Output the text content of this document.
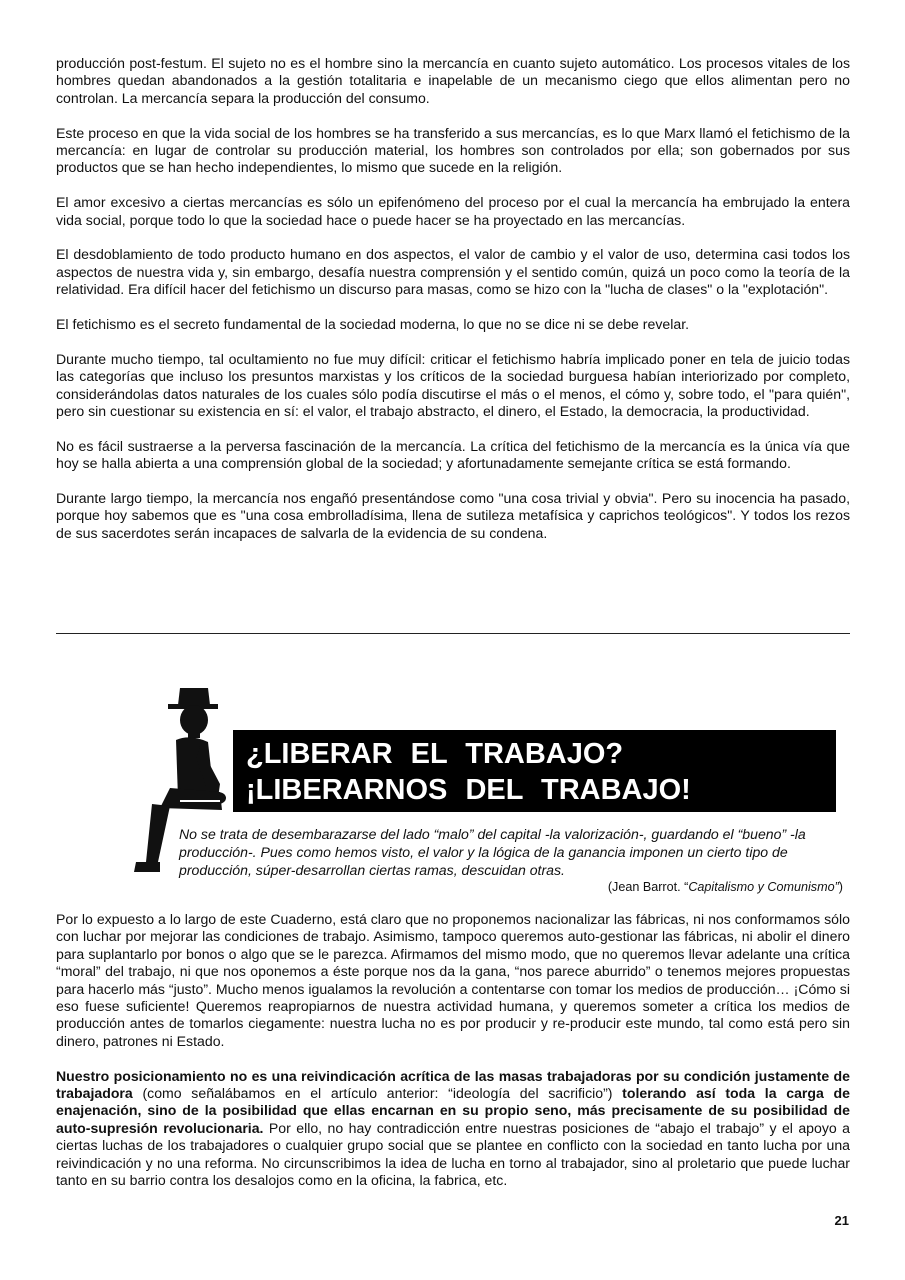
producción post-festum. El sujeto no es el hombre sino la mercancía en cuanto sujeto automático. Los procesos vitales de los hombres quedan abandonados a la gestión totalitaria e inapelable de un mecanismo ciego que ellos alimentan pero no controlan. La mercancía separa la producción del consumo.

Este proceso en que la vida social de los hombres se ha transferido a sus mercancías, es lo que Marx llamó el fetichismo de la mercancía: en lugar de controlar su producción material, los hombres son controlados por ella; son gobernados por sus productos que se han hecho independientes, lo mismo que sucede en la religión.

El amor excesivo a ciertas mercancías es sólo un epifenómeno del proceso por el cual la mercancía ha embrujado la entera vida social, porque todo lo que la sociedad hace o puede hacer se ha proyectado en las mercancías.

El desdoblamiento de todo producto humano en dos aspectos, el valor de cambio y el valor de uso, determina casi todos los aspectos de nuestra vida y, sin embargo, desafía nuestra comprensión y el sentido común, quizá un poco como la teoría de la relatividad. Era difícil hacer del fetichismo un discurso para masas, como se hizo con la "lucha de clases" o la "explotación".

El fetichismo es el secreto fundamental de la sociedad moderna, lo que no se dice ni se debe revelar.

Durante mucho tiempo, tal ocultamiento no fue muy difícil: criticar el fetichismo habría implicado poner en tela de juicio todas las categorías que incluso los presuntos marxistas y los críticos de la sociedad burguesa habían interiorizado por completo, considerándolas datos naturales de los cuales sólo podía discutirse el más o el menos, el cómo y, sobre todo, el "para quién", pero sin cuestionar su existencia en sí: el valor, el trabajo abstracto, el dinero, el Estado, la democracia, la productividad.

No es fácil sustraerse a la perversa fascinación de la mercancía. La crítica del fetichismo de la mercancía es la única vía que hoy se halla abierta a una comprensión global de la sociedad; y afortunadamente semejante crítica se está formando.

Durante largo tiempo, la mercancía nos engañó presentándose como "una cosa trivial y obvia". Pero su inocencia ha pasado, porque hoy sabemos que es "una cosa embrolladísima, llena de sutileza metafísica y caprichos teológicos". Y todos los rezos de sus sacerdotes serán incapaces de salvarla de la evidencia de su condena.

¿LIBERAR EL TRABAJO?
¡LIBERARNOS DEL TRABAJO!
No se trata de desembarazarse del lado “malo” del capital -la valorización-, guardando el “bueno” -la producción-. Pues como hemos visto, el valor y la lógica de la ganancia imponen un cierto tipo de producción, súper-desarrollan ciertas ramas, descuidan otras.
(Jean Barrot. “Capitalismo y Comunismo”)

Por lo expuesto a lo largo de este Cuaderno, está claro que no proponemos nacionalizar las fábricas, ni nos conformamos sólo con luchar por mejorar las condiciones de trabajo. Asimismo, tampoco queremos auto-gestionar las fábricas, ni abolir el dinero para suplantarlo por bonos o algo que se le parezca. Afirmamos del mismo modo, que no queremos llevar adelante una crítica “moral” del trabajo, ni que nos oponemos a éste porque nos da la gana, “nos parece aburrido” o tenemos mejores propuestas para hacerlo más “justo”. Mucho menos igualamos la revolución a contentarse con tomar los medios de producción… ¡Cómo si eso fuese suficiente! Queremos reapropiarnos de nuestra actividad humana, y queremos someter a crítica los medios de producción antes de tomarlos ciegamente: nuestra lucha no es por producir y re-producir este mundo, tal como está pero sin dinero, patrones ni Estado.

Nuestro posicionamiento no es una reivindicación acrítica de las masas trabajadoras por su condición justamente de trabajadora (como señalábamos en el artículo anterior: “ideología del sacrificio”) tolerando así toda la carga de enajenación, sino de la posibilidad que ellas encarnan en su propio seno, más precisamente de su posibilidad de auto-supresión revolucionaria. Por ello, no hay contradicción entre nuestras posiciones de “abajo el trabajo” y el apoyo a ciertas luchas de los trabajadores o cualquier grupo social que se plantee en conflicto con la sociedad en tanto lucha por una reivindicación y no una reforma. No circunscribimos la idea de lucha en torno al trabajador, sino al proletario que puede luchar tanto en su barrio contra los desalojos como en la oficina, la fabrica, etc.

21
